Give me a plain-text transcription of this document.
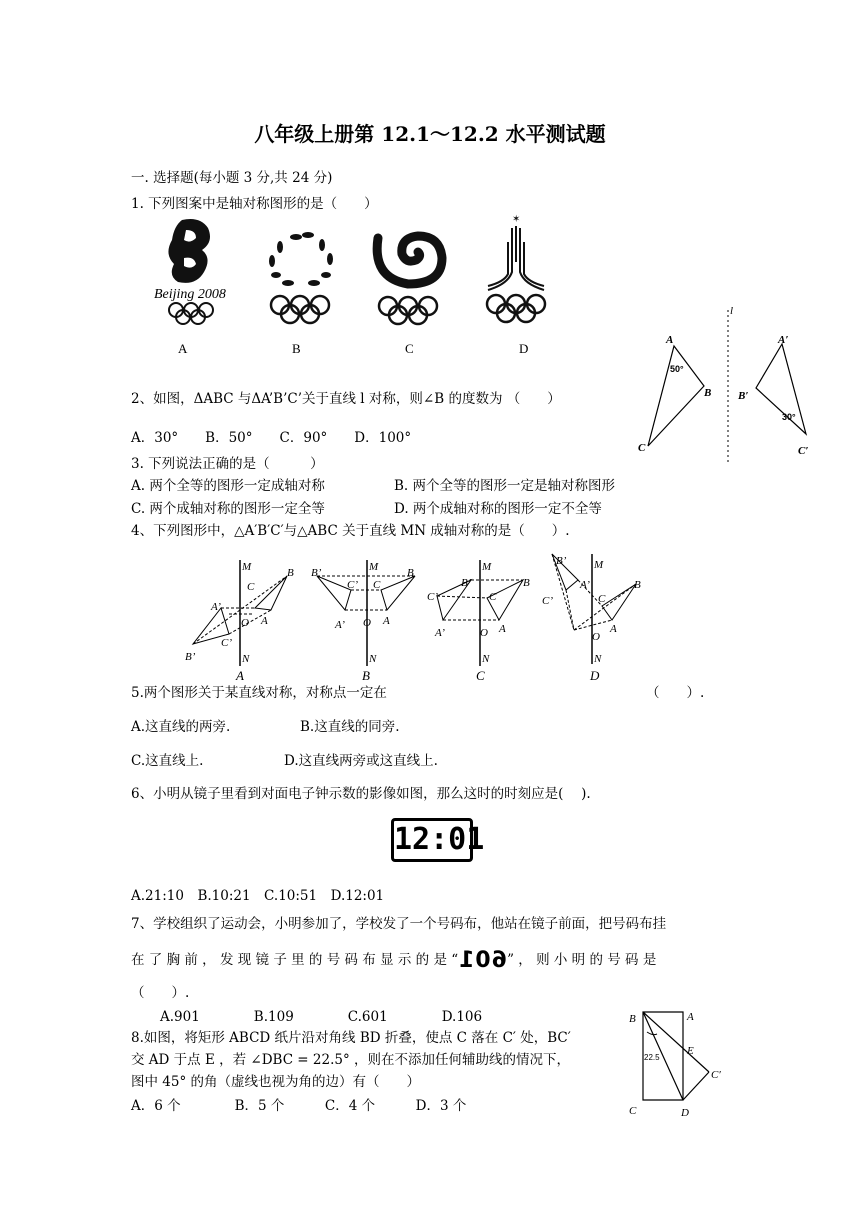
八年级上册第 12.1～12.2 水平测试题
一. 选择题(每小题 3 分,共 24 分)
1. 下列图案中是轴对称图形的是（　　）
Beijing 2008
✶
A	B	C	D
2、如图，ΔABC 与ΔA’B’C’关于直线 l 对称，则∠B 的度数为 （　　）
A．30°　　B．50°　　C．90°　　D．100°
l
A
B
C
50°
A′
B′
C′
30°
3. 下列说法正确的是（　　　）
A. 两个全等的图形一定成轴对称	B. 两个全等的图形一定是轴对称图形
C. 两个成轴对称的图形一定全等	D. 两个成轴对称的图形一定不全等
4、下列图形中，△A′B′C′与△ABC 关于直线 MN 成轴对称的是（　　）.
M
N
O
B
C
A
A’
C’
B’
A
M
N
O
B’	B
C’ C
A’	A
B
M
N
O
B’	B
C’	C
A’	A
C
M
N
O
B’
B
C’	C
A’
A
D
5.两个图形关于某直线对称，对称点一定在	（　　）.
A.这直线的两旁.	B.这直线的同旁.
C.这直线上.	D.这直线两旁或这直线上.
6、小明从镜子里看到对面电子钟示数的影像如图，那么这时的时刻应是(　 ).
12:01
A.21:10　B.10:21　C.10:51　D.12:01
7、学校组织了运动会，小明参加了，学校发了一个号码布，他站在镜子前面，把号码布挂
在 了 胸 前 ， 发 现 镜 子 里 的 号 码 布 显 示 的 是 “601” ， 则 小 明 的 号 码 是
（　　）.
A.901　　　　B.109　　　　C.601　　　　D.106
8.如图，将矩形 ABCD 纸片沿对角线 BD 折叠，使点 C 落在 C′ 处，BC′
交 AD 于点 E ，若 ∠DBC = 22.5° ，则在不添加任何辅助线的情况下，
图中 45° 的角（虚线也视为角的边）有（　　）
A．6 个　　　　B．5 个　　　C．4 个　　　D．3 个
B	A
E
C′
C	D
22.5
